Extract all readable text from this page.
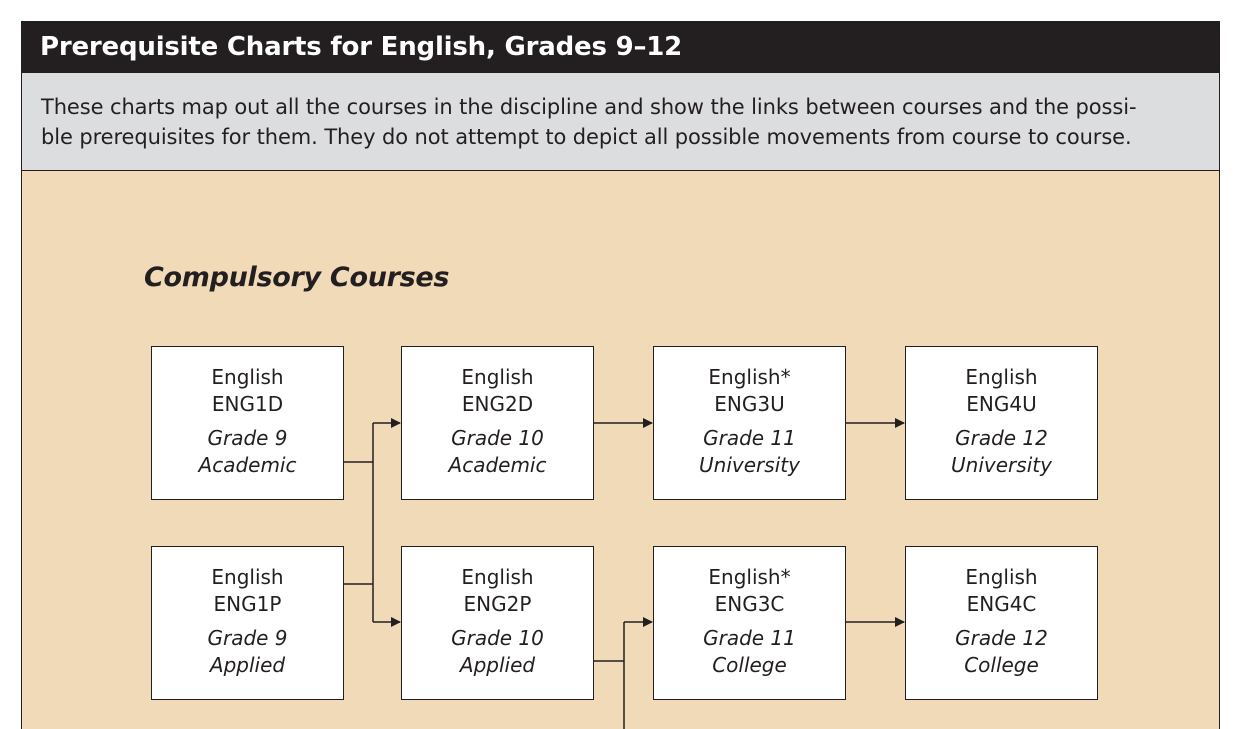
Prerequisite Charts for English, Grades 9–12
These charts map out all the courses in the discipline and show the links between courses and the possi-
ble prerequisites for them. They do not attempt to depict all possible movements from course to course.
Compulsory Courses
English
ENG1D
Grade 9
Academic
English
ENG2D
Grade 10
Academic
English*
ENG3U
Grade 11
University
English
ENG4U
Grade 12
University
English
ENG1P
Grade 9
Applied
English
ENG2P
Grade 10
Applied
English*
ENG3C
Grade 11
College
English
ENG4C
Grade 12
College
